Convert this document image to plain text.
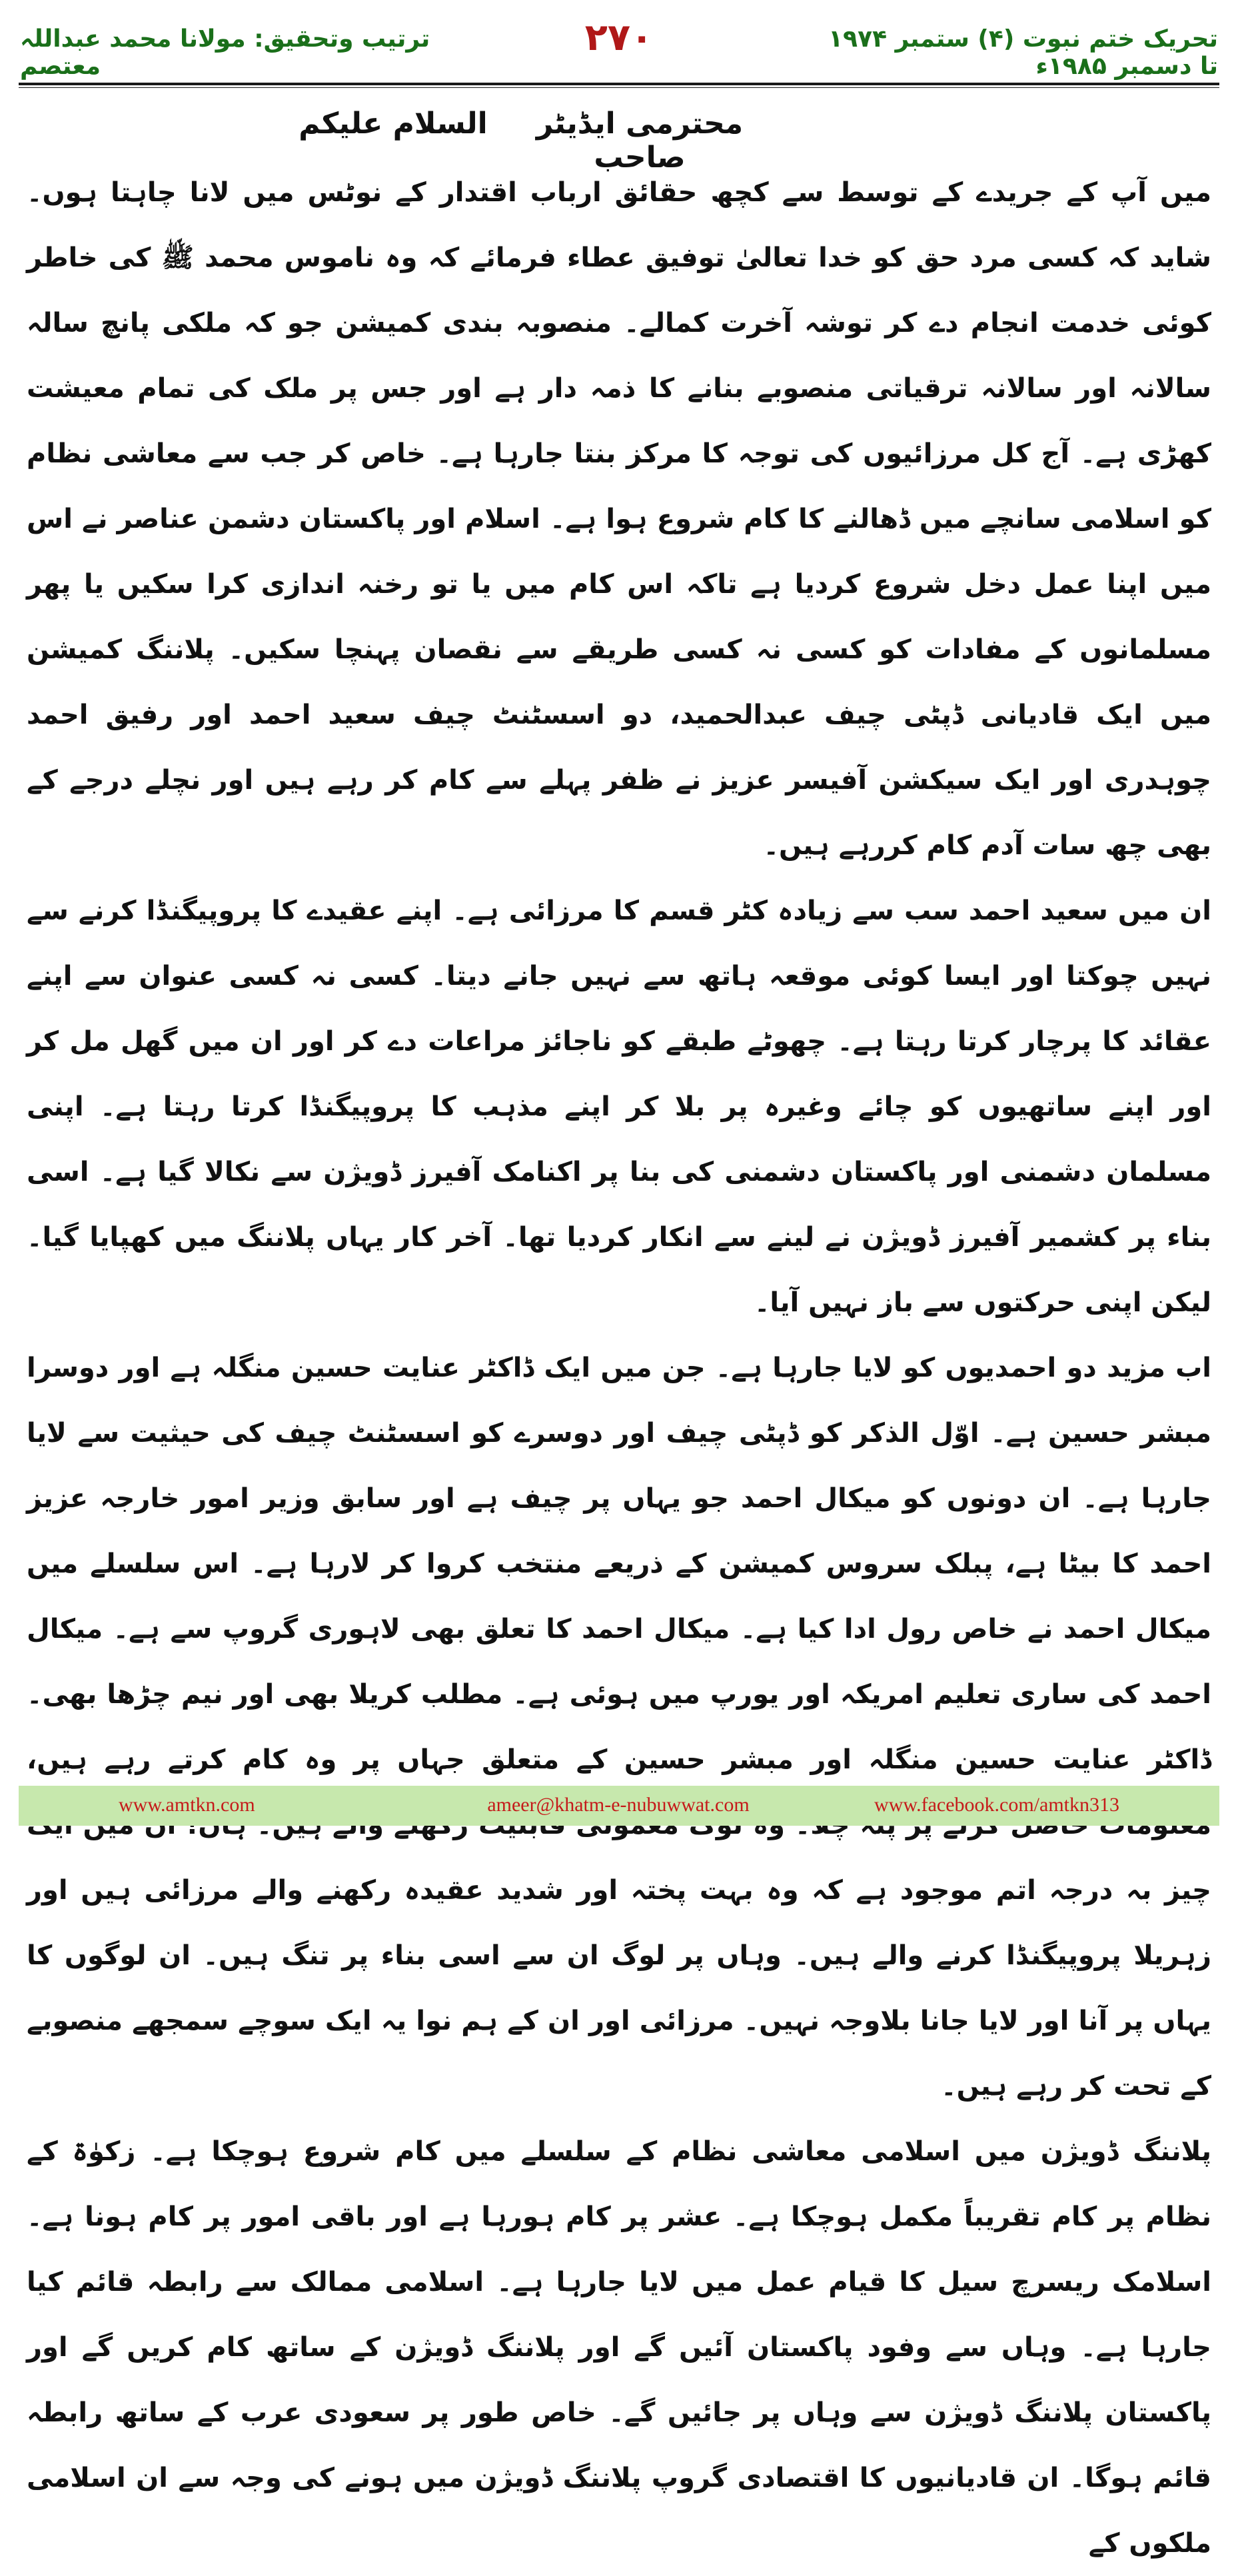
ترتیب وتحقیق: مولانا محمد عبداللہ معتصم
۲۷۰	تحریک ختم نبوت (۴) ستمبر ۱۹۷۴ تا دسمبر ۱۹۸۵ء
محترمی ایڈیٹر صاحب
السلام علیکم

میں آپ کے جریدے کے توسط سے کچھ حقائق ارباب اقتدار کے نوٹس میں لانا چاہتا ہوں۔ شاید کہ کسی مرد حق کو خدا تعالیٰ توفیق عطاء فرمائے کہ وہ ناموس محمد ﷺ کی خاطر کوئی خدمت انجام دے کر توشہ آخرت کمالے۔ منصوبہ بندی کمیشن جو کہ ملکی پانچ سالہ سالانہ اور سالانہ ترقیاتی منصوبے بنانے کا ذمہ دار ہے اور جس پر ملک کی تمام معیشت کھڑی ہے۔ آج کل مرزائیوں کی توجہ کا مرکز بنتا جارہا ہے۔ خاص کر جب سے معاشی نظام کو اسلامی سانچے میں ڈھالنے کا کام شروع ہوا ہے۔ اسلام اور پاکستان دشمن عناصر نے اس میں اپنا عمل دخل شروع کردیا ہے تاکہ اس کام میں یا تو رخنہ اندازی کرا سکیں یا پھر مسلمانوں کے مفادات کو کسی نہ کسی طریقے سے نقصان پہنچا سکیں۔ پلاننگ کمیشن میں ایک قادیانی ڈپٹی چیف عبدالحمید، دو اسسٹنٹ چیف سعید احمد اور رفیق احمد چوہدری اور ایک سیکشن آفیسر عزیز نے ظفر پہلے سے کام کر رہے ہیں اور نچلے درجے کے بھی چھ سات آدم کام کررہے ہیں۔

ان میں سعید احمد سب سے زیادہ کٹر قسم کا مرزائی ہے۔ اپنے عقیدے کا پروپیگنڈا کرنے سے نہیں چوکتا اور ایسا کوئی موقعہ ہاتھ سے نہیں جانے دیتا۔ کسی نہ کسی عنوان سے اپنے عقائد کا پرچار کرتا رہتا ہے۔ چھوٹے طبقے کو ناجائز مراعات دے کر اور ان میں گھل مل کر اور اپنے ساتھیوں کو چائے وغیرہ پر بلا کر اپنے مذہب کا پروپیگنڈا کرتا رہتا ہے۔ اپنی مسلمان دشمنی اور پاکستان دشمنی کی بنا پر اکنامک آفیرز ڈویژن سے نکالا گیا ہے۔ اسی بناء پر کشمیر آفیرز ڈویژن نے لینے سے انکار کردیا تھا۔ آخر کار یہاں پلاننگ میں کھپایا گیا۔ لیکن اپنی حرکتوں سے باز نہیں آیا۔

اب مزید دو احمدیوں کو لایا جارہا ہے۔ جن میں ایک ڈاکٹر عنایت حسین منگلہ ہے اور دوسرا مبشر حسین ہے۔ اوّل الذکر کو ڈپٹی چیف اور دوسرے کو اسسٹنٹ چیف کی حیثیت سے لایا جارہا ہے۔ ان دونوں کو میکال احمد جو یہاں پر چیف ہے اور سابق وزیر امور خارجہ عزیز احمد کا بیٹا ہے، پبلک سروس کمیشن کے ذریعے منتخب کروا کر لارہا ہے۔ اس سلسلے میں میکال احمد نے خاص رول ادا کیا ہے۔ میکال احمد کا تعلق بھی لاہوری گروپ سے ہے۔ میکال احمد کی ساری تعلیم امریکہ اور یورپ میں ہوئی ہے۔ مطلب کریلا بھی اور نیم چڑھا بھی۔ ڈاکٹر عنایت حسین منگلہ اور مبشر حسین کے متعلق جہاں پر وہ کام کرتے رہے ہیں، چیز بہ درجہ اتم موجود ہے کہ وہ بہت پختہ اور شدید عقیدہ رکھنے والے مرزائی ہیں اور زہریلا پروپیگنڈا کرنے والے ہیں۔ وہاں پر لوگ ان سے اسی بناء پر تنگ ہیں۔ ان لوگوں کا یہاں پر آنا اور لایا جانا بلاوجہ نہیں۔ مرزائی اور ان کے ہم نوا یہ ایک سوچے سمجھے منصوبے کے تحت کر رہے ہیں۔

پلاننگ ڈویژن میں اسلامی معاشی نظام کے سلسلے میں کام شروع ہوچکا ہے۔ زکوٰۃ کے نظام پر کام تقریباً مکمل ہوچکا ہے۔ عشر پر کام ہورہا ہے اور باقی امور پر کام ہونا ہے۔ اسلامک ریسرچ سیل کا قیام عمل میں لایا جارہا ہے۔ اسلامی ممالک سے رابطہ قائم کیا جارہا ہے۔ وہاں سے وفود پاکستان آئیں گے اور پلاننگ ڈویژن کے ساتھ کام کریں گے اور پاکستان پلاننگ ڈویژن سے وہاں پر جائیں گے۔ خاص طور پر سعودی عرب کے ساتھ رابطہ قائم ہوگا۔ ان قادیانیوں کا اقتصادی گروپ پلاننگ ڈویژن میں ہونے کی وجہ سے ان اسلامی ملکوں کے

www.amtkn.com	ameer@khatm-e-nubuwwat.com	www.facebook.com/amtkn313
